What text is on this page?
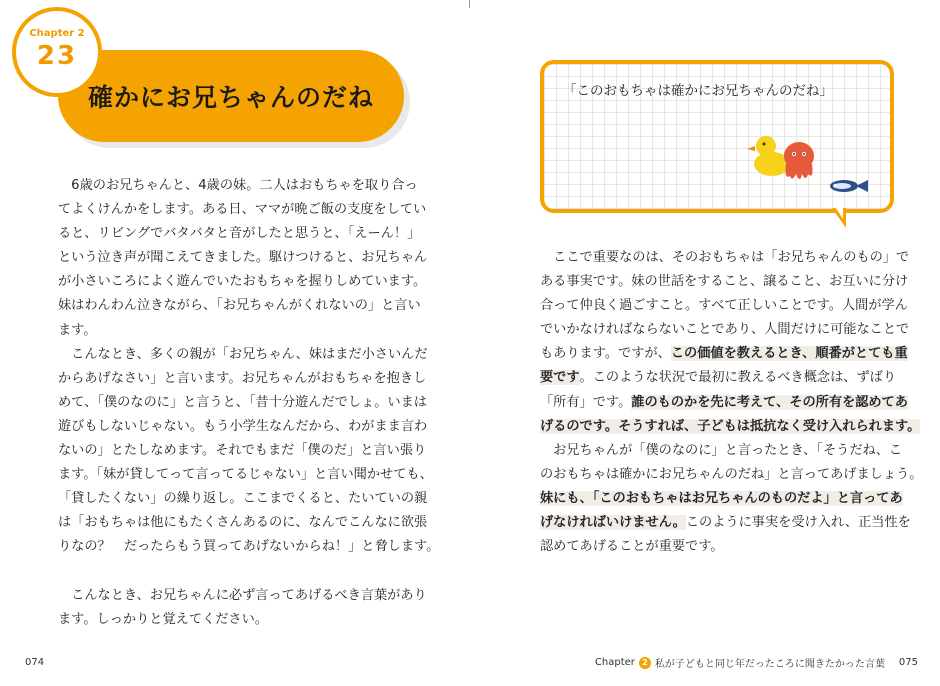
確かにお兄ちゃんのだね
Chapter 2
23
　6歳のお兄ちゃんと、4歳の妹。二人はおもちゃを取り合っ
てよくけんかをします。ある日、ママが晩ご飯の支度をしてい
ると、リビングでバタバタと音がしたと思うと、「えーん！」
という泣き声が聞こえてきました。駆けつけると、お兄ちゃん
が小さいころによく遊んでいたおもちゃを握りしめています。
妹はわんわん泣きながら、「お兄ちゃんがくれないの」と言い
ます。
　こんなとき、多くの親が「お兄ちゃん、妹はまだ小さいんだ
からあげなさい」と言います。お兄ちゃんがおもちゃを抱きし
めて、「僕のなのに」と言うと、「昔十分遊んだでしょ。いまは
遊びもしないじゃない。もう小学生なんだから、わがまま言わ
ないの」とたしなめます。それでもまだ「僕のだ」と言い張り
ます。「妹が貸してって言ってるじゃない」と言い聞かせても、
「貸したくない」の繰り返し。ここまでくると、たいていの親
は「おもちゃは他にもたくさんあるのに、なんでこんなに欲張
りなの？　だったらもう買ってあげないからね！」と脅します。
　こんなとき、お兄ちゃんに必ず言ってあげるべき言葉があり
ます。しっかりと覚えてください。
「このおもちゃは確かにお兄ちゃんのだね」
　ここで重要なのは、そのおもちゃは「お兄ちゃんのもの」で
ある事実です。妹の世話をすること、譲ること、お互いに分け
合って仲良く過ごすこと。すべて正しいことです。人間が学ん
でいかなければならないことであり、人間だけに可能なことで
もあります。ですが、この価値を教えるとき、順番がとても重
要です。このような状況で最初に教えるべき概念は、ずばり
「所有」です。誰のものかを先に考えて、その所有を認めてあ
げるのです。そうすれば、子どもは抵抗なく受け入れられます。
　お兄ちゃんが「僕のなのに」と言ったとき、「そうだね、こ
のおもちゃは確かにお兄ちゃんのだね」と言ってあげましょう。
妹にも、「このおもちゃはお兄ちゃんのものだよ」と言ってあ
げなければいけません。このように事実を受け入れ、正当性を
認めてあげることが重要です。
074	Chapter 2 私が子どもと同じ年だったころに聞きたかった言葉 075
